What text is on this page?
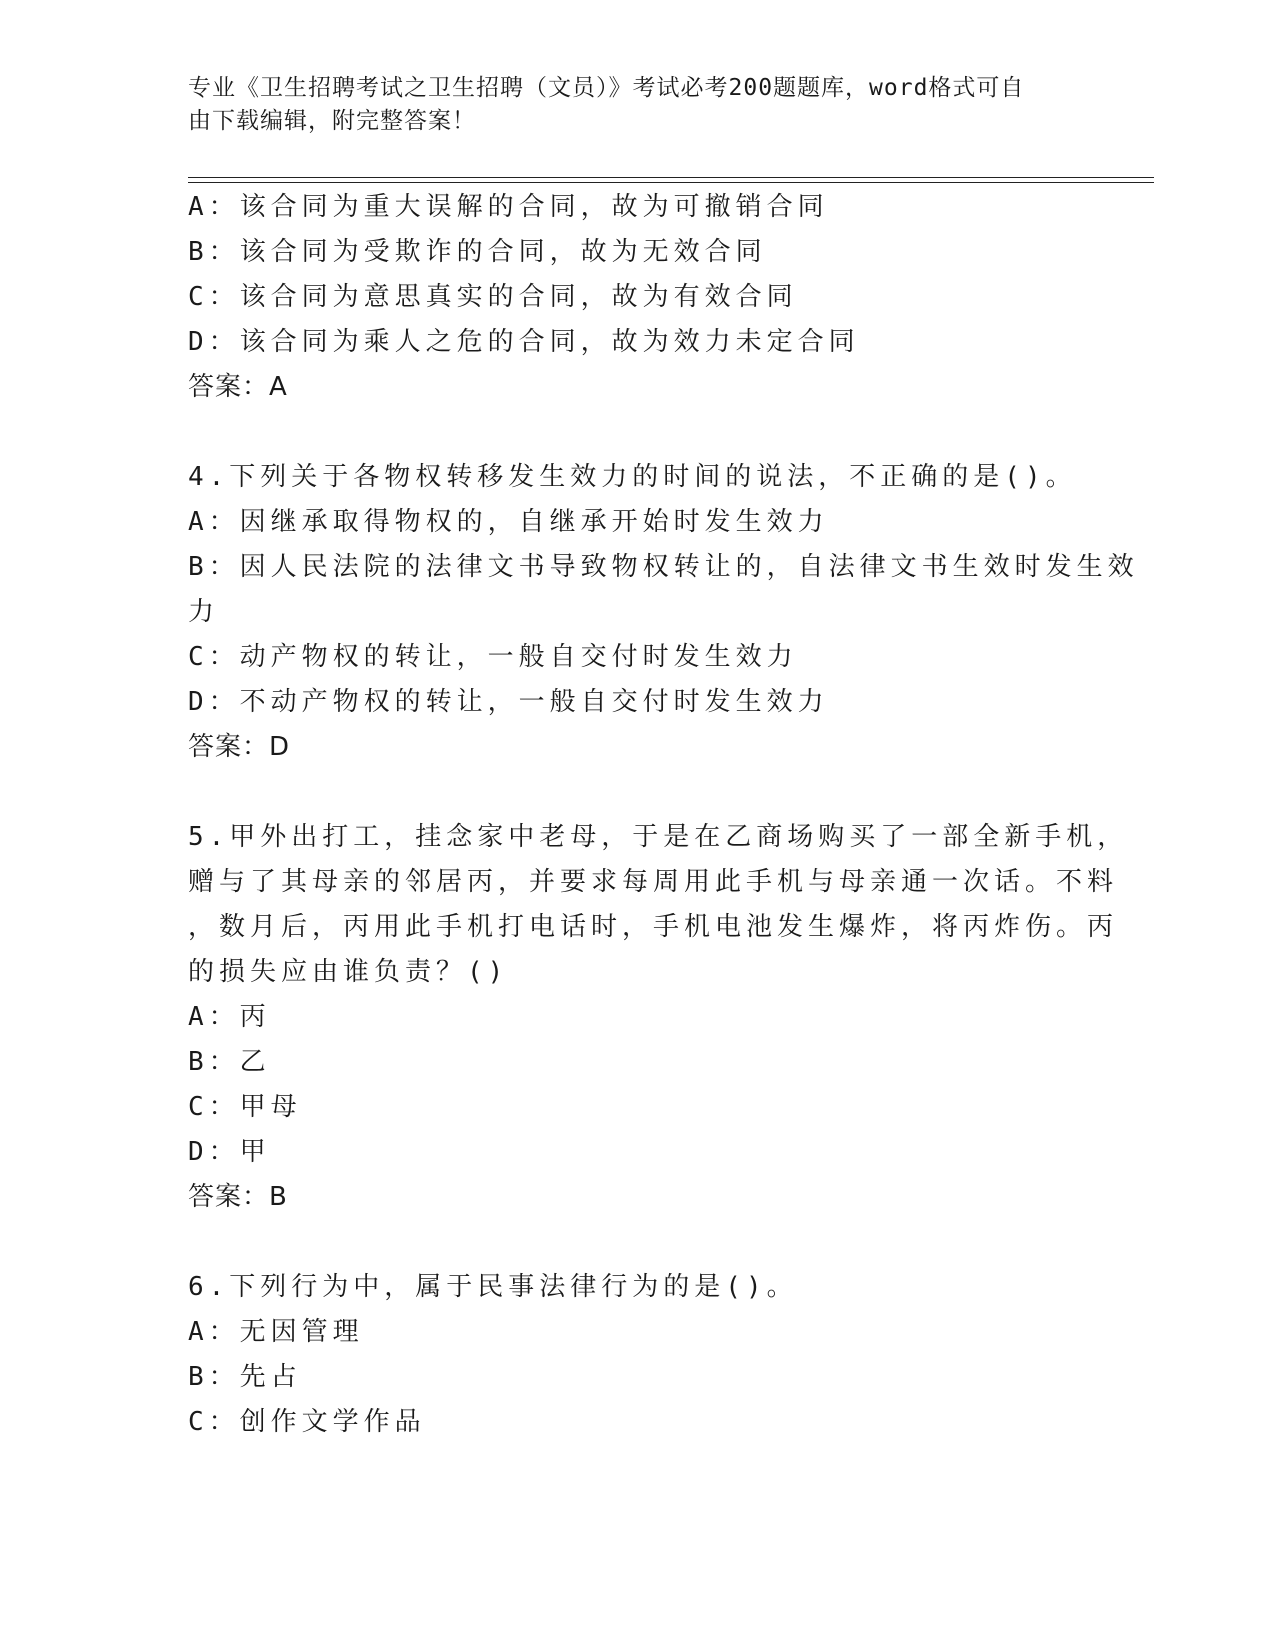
专业《卫生招聘考试之卫生招聘（文员）》考试必考200题题库，word格式可自
由下载编辑，附完整答案！
A：该合同为重大误解的合同，故为可撤销合同
B：该合同为受欺诈的合同，故为无效合同
C：该合同为意思真实的合同，故为有效合同
D：该合同为乘人之危的合同，故为效力未定合同
答案：A
4.下列关于各物权转移发生效力的时间的说法，不正确的是()。
A：因继承取得物权的，自继承开始时发生效力
B：因人民法院的法律文书导致物权转让的，自法律文书生效时发生效
力
C：动产物权的转让，一般自交付时发生效力
D：不动产物权的转让，一般自交付时发生效力
答案：D
5.甲外出打工，挂念家中老母，于是在乙商场购买了一部全新手机，
赠与了其母亲的邻居丙，并要求每周用此手机与母亲通一次话。不料
，数月后，丙用此手机打电话时，手机电池发生爆炸，将丙炸伤。丙
的损失应由谁负责？()
A：丙
B：乙
C：甲母
D：甲
答案：B
6.下列行为中，属于民事法律行为的是()。
A：无因管理
B：先占
C：创作文学作品
